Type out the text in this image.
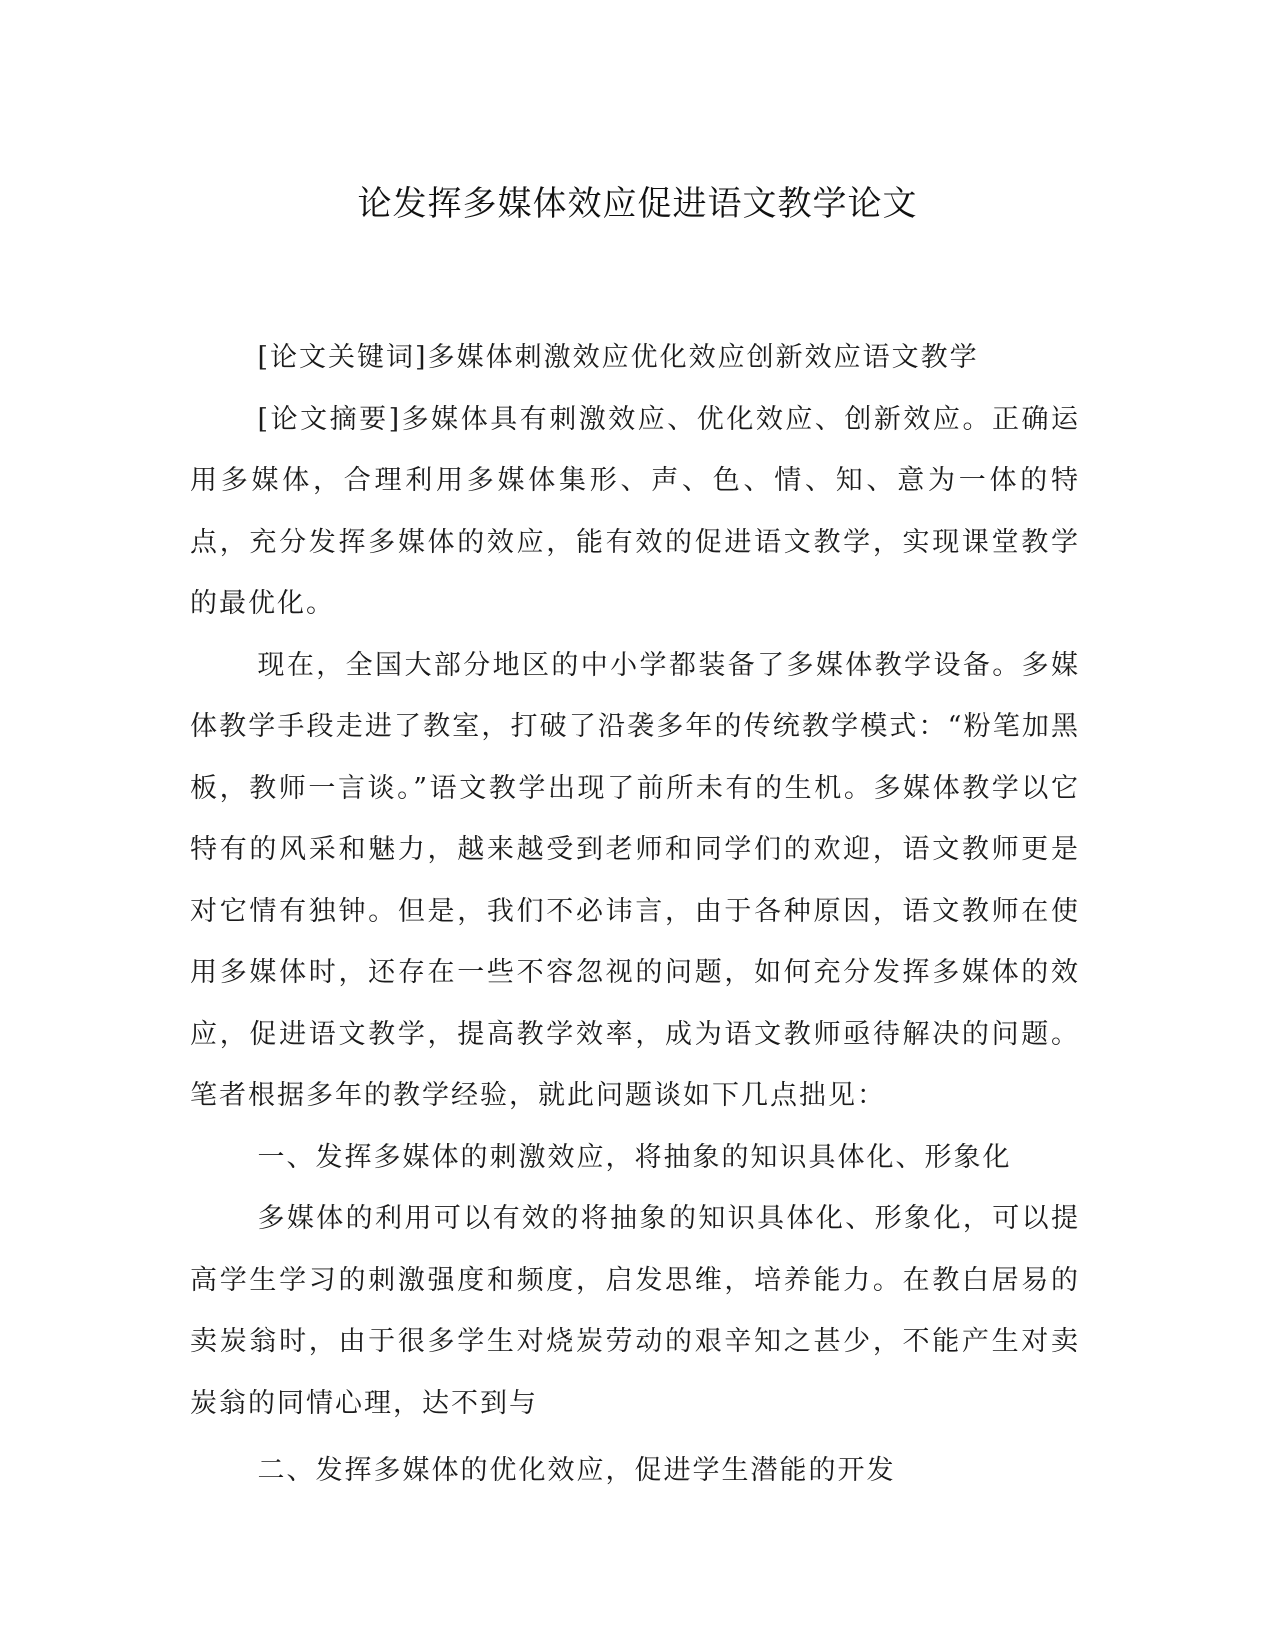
论发挥多媒体效应促进语文教学论文

[论文关键词]多媒体刺激效应优化效应创新效应语文教学

[论文摘要]多媒体具有刺激效应、优化效应、创新效应。正确运用多媒体，合理利用多媒体集形、声、色、情、知、意为一体的特点，充分发挥多媒体的效应，能有效的促进语文教学，实现课堂教学的最优化。

现在，全国大部分地区的中小学都装备了多媒体教学设备。多媒体教学手段走进了教室，打破了沿袭多年的传统教学模式：“粉笔加黑板，教师一言谈。”语文教学出现了前所未有的生机。多媒体教学以它特有的风采和魅力，越来越受到老师和同学们的欢迎，语文教师更是对它情有独钟。但是，我们不必讳言，由于各种原因，语文教师在使用多媒体时，还存在一些不容忽视的问题，如何充分发挥多媒体的效应，促进语文教学，提高教学效率，成为语文教师亟待解决的问题。笔者根据多年的教学经验，就此问题谈如下几点拙见：

一、发挥多媒体的刺激效应，将抽象的知识具体化、形象化

多媒体的利用可以有效的将抽象的知识具体化、形象化，可以提高学生学习的刺激强度和频度，启发思维，培养能力。在教白居易的卖炭翁时，由于很多学生对烧炭劳动的艰辛知之甚少，不能产生对卖炭翁的同情心理，达不到与

二、发挥多媒体的优化效应，促进学生潜能的开发
